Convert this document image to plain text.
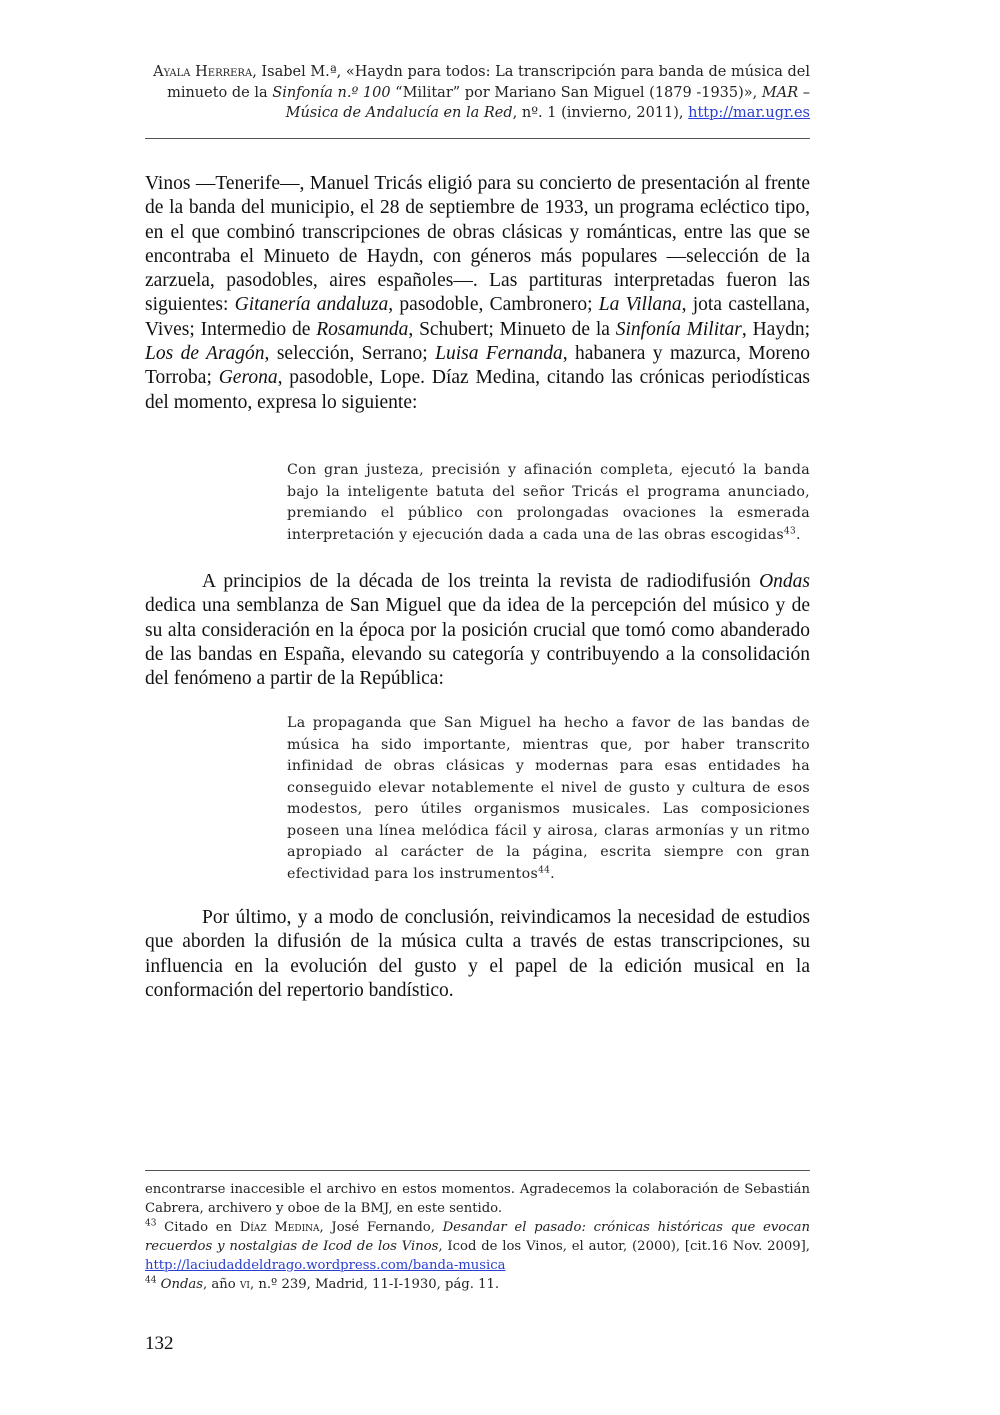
Ayala Herrera, Isabel M.ª, «Haydn para todos: La transcripción para banda de música del minueto de la Sinfonía n.º 100 “Militar” por Mariano San Miguel (1879 -1935)», MAR – Música de Andalucía en la Red, nº. 1 (invierno, 2011), http://mar.ugr.es
Vinos —Tenerife—, Manuel Tricás eligió para su concierto de presentación al frente de la banda del municipio, el 28 de septiembre de 1933, un programa ecléctico tipo, en el que combinó transcripciones de obras clásicas y románticas, entre las que se encontraba el Minueto de Haydn, con géneros más populares —selección de la zarzuela, pasodobles, aires españoles—. Las partituras interpretadas fueron las siguientes: Gitanería andaluza, pasodoble, Cambronero; La Villana, jota castellana, Vives; Intermedio de Rosamunda, Schubert; Minueto de la Sinfonía Militar, Haydn; Los de Aragón, selección, Serrano; Luisa Fernanda, habanera y mazurca, Moreno Torroba; Gerona, pasodoble, Lope. Díaz Medina, citando las crónicas periodísticas del momento, expresa lo siguiente:
Con gran justeza, precisión y afinación completa, ejecutó la banda bajo la inteligente batuta del señor Tricás el programa anunciado, premiando el público con prolongadas ovaciones la esmerada interpretación y ejecución dada a cada una de las obras escogidas$^{43}$.
A principios de la década de los treinta la revista de radiodifusión Ondas dedica una semblanza de San Miguel que da idea de la percepción del músico y de su alta consideración en la época por la posición crucial que tomó como abanderado de las bandas en España, elevando su categoría y contribuyendo a la consolidación del fenómeno a partir de la República:
La propaganda que San Miguel ha hecho a favor de las bandas de música ha sido importante, mientras que, por haber transcrito infinidad de obras clásicas y modernas para esas entidades ha conseguido elevar notablemente el nivel de gusto y cultura de esos modestos, pero útiles organismos musicales. Las composiciones poseen una línea melódica fácil y airosa, claras armonías y un ritmo apropiado al carácter de la página, escrita siempre con gran efectividad para los instrumentos$^{44}$.
Por último, y a modo de conclusión, reivindicamos la necesidad de estudios que aborden la difusión de la música culta a través de estas transcripciones, su influencia en la evolución del gusto y el papel de la edición musical en la conformación del repertorio bandístico.

encontrarse inaccesible el archivo en estos momentos. Agradecemos la colaboración de Sebastián Cabrera, archivero y oboe de la BMJ, en este sentido.

$^{43}$ Citado en Díaz Medina, José Fernando, Desandar el pasado: crónicas históricas que evocan recuerdos y nostalgias de Icod de los Vinos, Icod de los Vinos, el autor, (2000), [cit.16 Nov. 2009], http://laciudaddeldrago.wordpress.com/banda-musica

$^{44}$ Ondas, año vi, n.º 239, Madrid, 11-I-1930, pág. 11.

132
